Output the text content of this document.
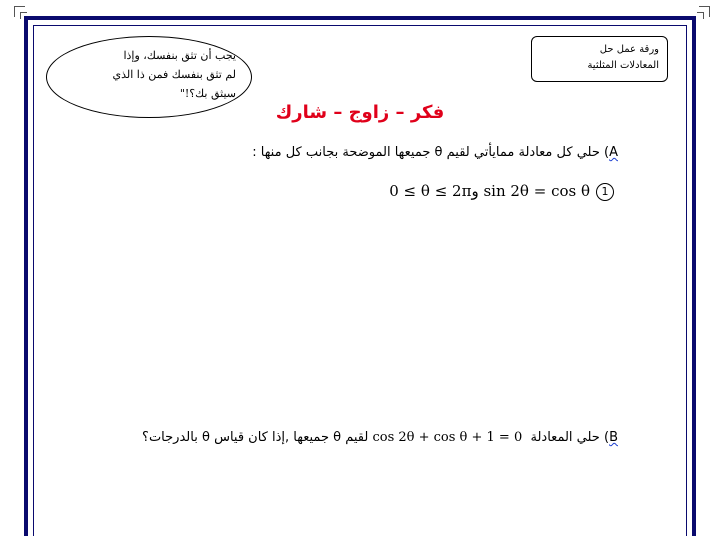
ورقة عمل حل
المعادلات المثلثية
يجب أن تثق بنفسك، وإذا
لم تثق بنفسك فمن ذا الذي
سيثق بك؟!"
فكر – زاوج – شارك
A) حلي كل معادلة ممايأتي لقيم θ جميعها الموضحة بجانب كل منها :
1sin 2θ = cos θ و0 ≤ θ ≤ 2π
B) حلي المعادلة  cos 2θ + cos θ + 1 = 0 لقيم θ جميعها ,إذا كان قياس θ بالدرجات؟
